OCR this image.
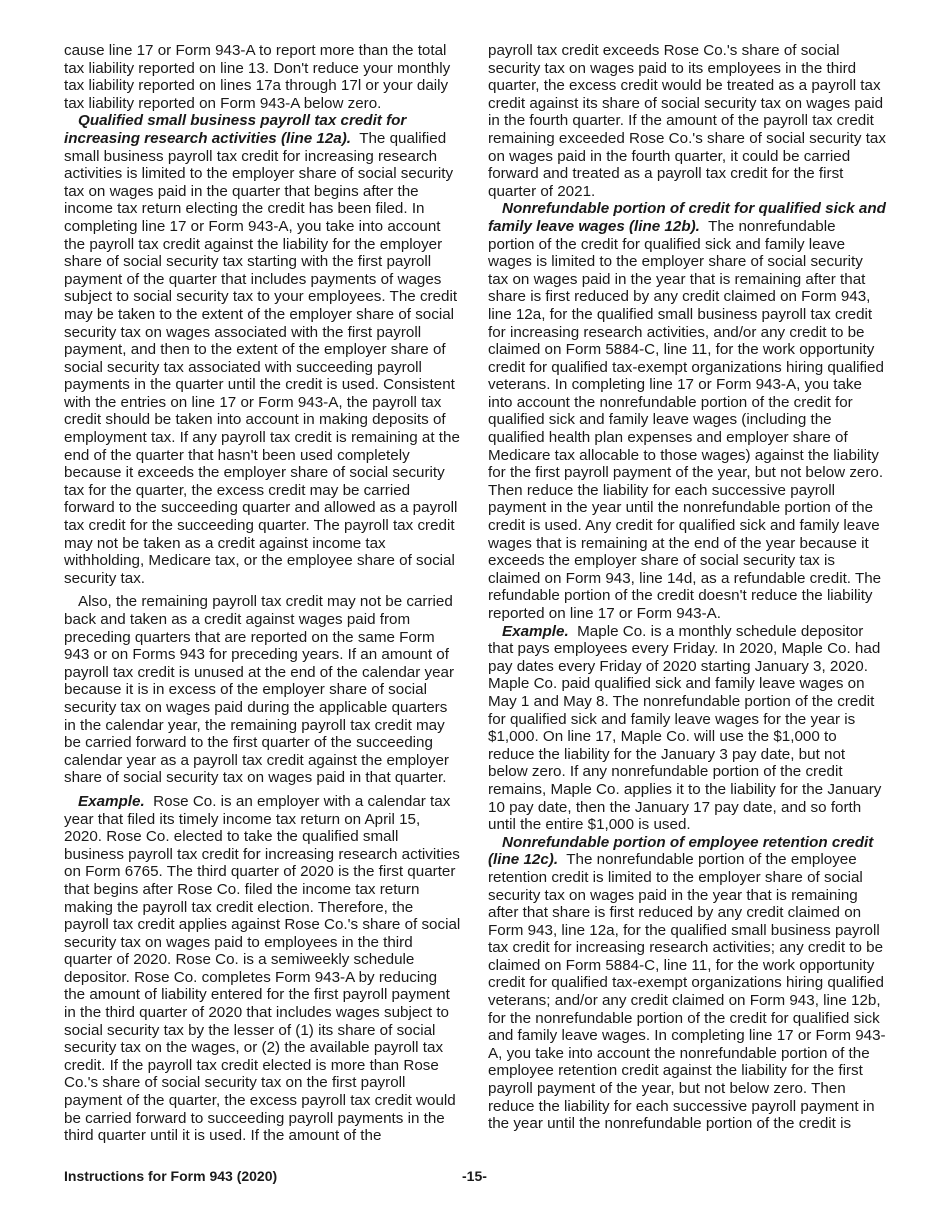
cause line 17 or Form 943-A to report more than the total tax liability reported on line 13. Don't reduce your monthly tax liability reported on lines 17a through 17l or your daily tax liability reported on Form 943-A below zero.

Qualified small business payroll tax credit for increasing research activities (line 12a). The qualified small business payroll tax credit for increasing research activities is limited to the employer share of social security tax on wages paid in the quarter that begins after the income tax return electing the credit has been filed. In completing line 17 or Form 943-A, you take into account the payroll tax credit against the liability for the employer share of social security tax starting with the first payroll payment of the quarter that includes payments of wages subject to social security tax to your employees. The credit may be taken to the extent of the employer share of social security tax on wages associated with the first payroll payment, and then to the extent of the employer share of social security tax associated with succeeding payroll payments in the quarter until the credit is used. Consistent with the entries on line 17 or Form 943-A, the payroll tax credit should be taken into account in making deposits of employment tax. If any payroll tax credit is remaining at the end of the quarter that hasn't been used completely because it exceeds the employer share of social security tax for the quarter, the excess credit may be carried forward to the succeeding quarter and allowed as a payroll tax credit for the succeeding quarter. The payroll tax credit may not be taken as a credit against income tax withholding, Medicare tax, or the employee share of social security tax.

Also, the remaining payroll tax credit may not be carried back and taken as a credit against wages paid from preceding quarters that are reported on the same Form 943 or on Forms 943 for preceding years. If an amount of payroll tax credit is unused at the end of the calendar year because it is in excess of the employer share of social security tax on wages paid during the applicable quarters in the calendar year, the remaining payroll tax credit may be carried forward to the first quarter of the succeeding calendar year as a payroll tax credit against the employer share of social security tax on wages paid in that quarter.

Example. Rose Co. is an employer with a calendar tax year that filed its timely income tax return on April 15, 2020. Rose Co. elected to take the qualified small business payroll tax credit for increasing research activities on Form 6765. The third quarter of 2020 is the first quarter that begins after Rose Co. filed the income tax return making the payroll tax credit election. Therefore, the payroll tax credit applies against Rose Co.'s share of social security tax on wages paid to employees in the third quarter of 2020. Rose Co. is a semiweekly schedule depositor. Rose Co. completes Form 943-A by reducing the amount of liability entered for the first payroll payment in the third quarter of 2020 that includes wages subject to social security tax by the lesser of (1) its share of social security tax on the wages, or (2) the available payroll tax credit. If the payroll tax credit elected is more than Rose Co.'s share of social security tax on the first payroll payment of the quarter, the excess payroll tax credit would be carried forward to succeeding payroll payments in the third quarter until it is used. If the amount of the

payroll tax credit exceeds Rose Co.'s share of social security tax on wages paid to its employees in the third quarter, the excess credit would be treated as a payroll tax credit against its share of social security tax on wages paid in the fourth quarter. If the amount of the payroll tax credit remaining exceeded Rose Co.'s share of social security tax on wages paid in the fourth quarter, it could be carried forward and treated as a payroll tax credit for the first quarter of 2021.

Nonrefundable portion of credit for qualified sick and family leave wages (line 12b). The nonrefundable portion of the credit for qualified sick and family leave wages is limited to the employer share of social security tax on wages paid in the year that is remaining after that share is first reduced by any credit claimed on Form 943, line 12a, for the qualified small business payroll tax credit for increasing research activities, and/or any credit to be claimed on Form 5884-C, line 11, for the work opportunity credit for qualified tax-exempt organizations hiring qualified veterans. In completing line 17 or Form 943-A, you take into account the nonrefundable portion of the credit for qualified sick and family leave wages (including the qualified health plan expenses and employer share of Medicare tax allocable to those wages) against the liability for the first payroll payment of the year, but not below zero. Then reduce the liability for each successive payroll payment in the year until the nonrefundable portion of the credit is used. Any credit for qualified sick and family leave wages that is remaining at the end of the year because it exceeds the employer share of social security tax is claimed on Form 943, line 14d, as a refundable credit. The refundable portion of the credit doesn't reduce the liability reported on line 17 or Form 943-A.

Example. Maple Co. is a monthly schedule depositor that pays employees every Friday. In 2020, Maple Co. had pay dates every Friday of 2020 starting January 3, 2020. Maple Co. paid qualified sick and family leave wages on May 1 and May 8. The nonrefundable portion of the credit for qualified sick and family leave wages for the year is $1,000. On line 17, Maple Co. will use the $1,000 to reduce the liability for the January 3 pay date, but not below zero. If any nonrefundable portion of the credit remains, Maple Co. applies it to the liability for the January 10 pay date, then the January 17 pay date, and so forth until the entire $1,000 is used.

Nonrefundable portion of employee retention credit (line 12c). The nonrefundable portion of the employee retention credit is limited to the employer share of social security tax on wages paid in the year that is remaining after that share is first reduced by any credit claimed on Form 943, line 12a, for the qualified small business payroll tax credit for increasing research activities; any credit to be claimed on Form 5884-C, line 11, for the work opportunity credit for qualified tax-exempt organizations hiring qualified veterans; and/or any credit claimed on Form 943, line 12b, for the nonrefundable portion of the credit for qualified sick and family leave wages. In completing line 17 or Form 943-A, you take into account the nonrefundable portion of the employee retention credit against the liability for the first payroll payment of the year, but not below zero. Then reduce the liability for each successive payroll payment in the year until the nonrefundable portion of the credit is

Instructions for Form 943 (2020)	-15-
